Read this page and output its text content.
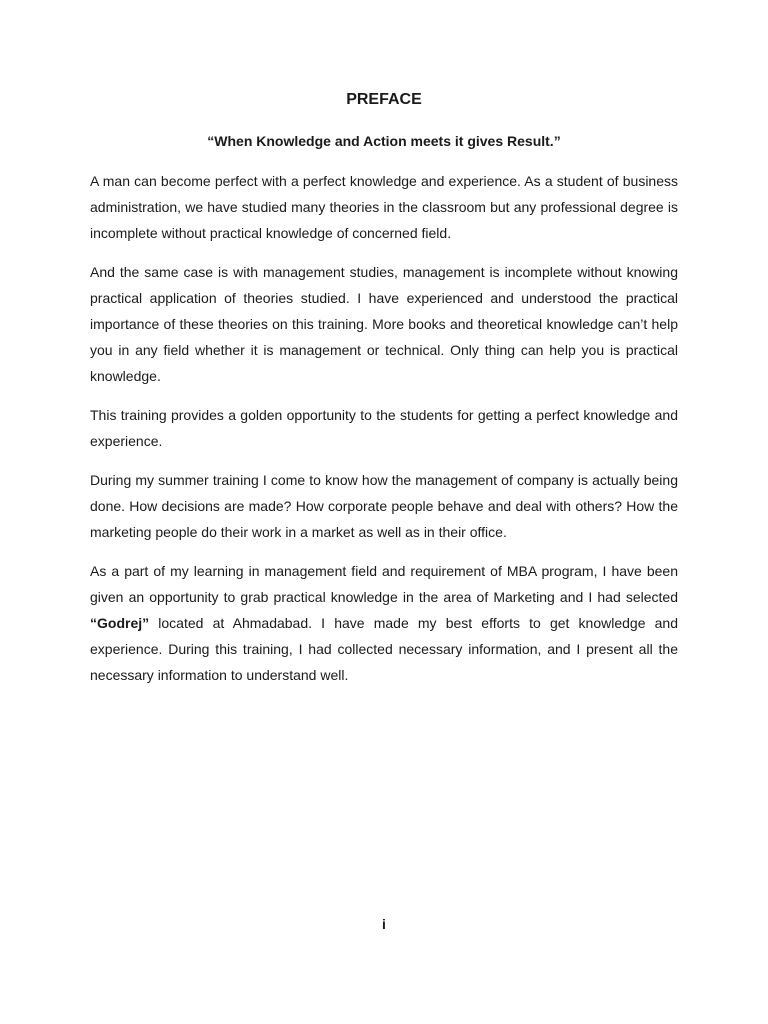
PREFACE

“When Knowledge and Action meets it gives Result.”

A man can become perfect with a perfect knowledge and experience. As a student of business administration, we have studied many theories in the classroom but any professional degree is incomplete without practical knowledge of concerned field.

And the same case is with management studies, management is incomplete without knowing practical application of theories studied. I have experienced and understood the practical importance of these theories on this training. More books and theoretical knowledge can’t help you in any field whether it is management or technical. Only thing can help you is practical knowledge.

This training provides a golden opportunity to the students for getting a perfect knowledge and experience.

During my summer training I come to know how the management of company is actually being done. How decisions are made? How corporate people behave and deal with others? How the marketing people do their work in a market as well as in their office.

As a part of my learning in management field and requirement of MBA program, I have been given an opportunity to grab practical knowledge in the area of Marketing and I had selected “Godrej” located at Ahmadabad. I have made my best efforts to get knowledge and experience. During this training, I had collected necessary information, and I present all the necessary information to understand well.

i
